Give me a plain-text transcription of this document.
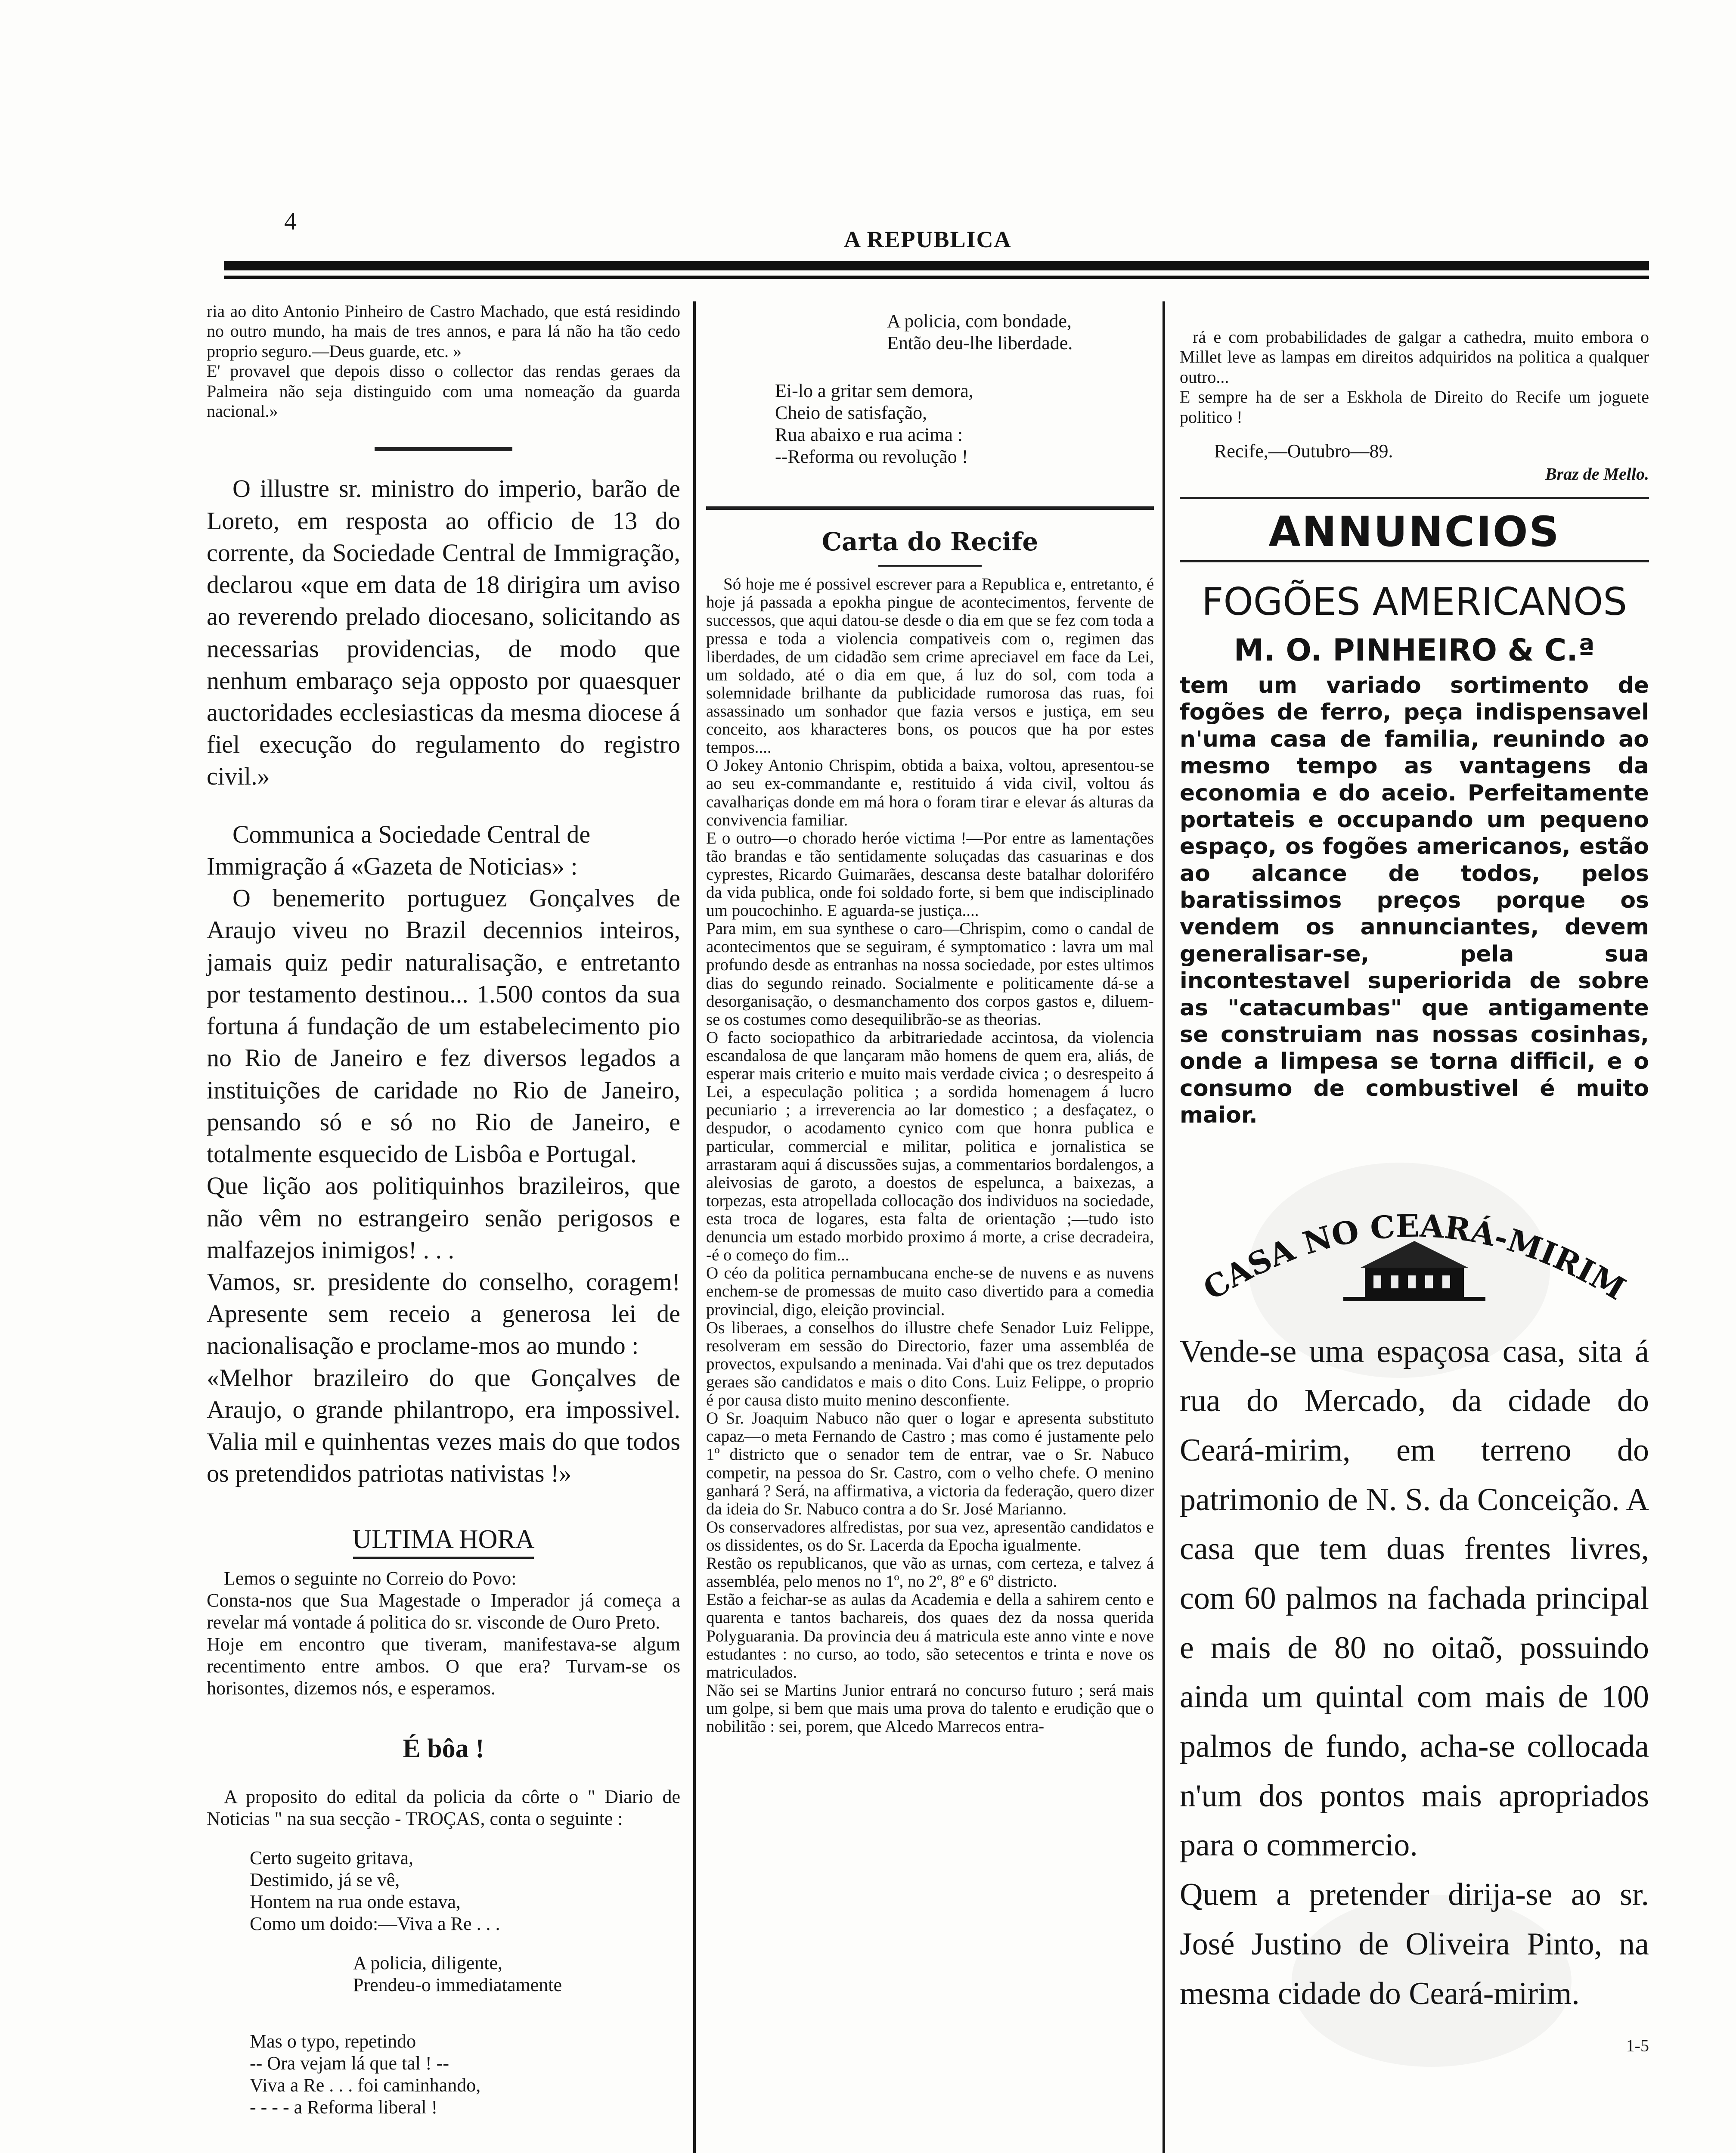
4
A REPUBLICA
ria ao dito Antonio Pinheiro de Castro Machado, que está residindo no outro mundo, ha mais de tres annos, e para lá não ha tão cedo proprio seguro.—Deus guarde, etc. »
E' provavel que depois disso o collector das rendas geraes da Palmeira não seja distinguido com uma nomeação da guarda nacional.»
O illustre sr. ministro do imperio, barão de Loreto, em resposta ao officio de 13 do corrente, da Sociedade Central de Immigração, declarou «que em data de 18 dirigira um aviso ao reverendo prelado diocesano, solicitando as necessarias providencias, de modo que nenhum embaraço seja opposto por quaesquer auctoridades ecclesiasticas da mesma diocese á fiel execução do regulamento do registro civil.»
Communica a Sociedade Central de Immigração á «Gazeta de Noticias» :
O benemerito portuguez Gonçalves de Araujo viveu no Brazil decennios inteiros, jamais quiz pedir naturalisação, e entretanto por testamento destinou... 1.500 contos da sua fortuna á fundação de um estabelecimento pio no Rio de Janeiro e fez diversos legados a instituições de caridade no Rio de Janeiro, pensando só e só no Rio de Janeiro, e totalmente esquecido de Lisbôa e Portugal.
Que lição aos politiquinhos brazileiros, que não vêm no estrangeiro senão perigosos e malfazejos inimigos! . . .
Vamos, sr. presidente do conselho, coragem! Apresente sem receio a generosa lei de nacionalisação e proclame-mos ao mundo :
«Melhor brazileiro do que Gonçalves de Araujo, o grande philantropo, era impossivel. Valia mil e quinhentas vezes mais do que todos os pretendidos patriotas nativistas !»
ULTIMA HORA
Lemos o seguinte no Correio do Povo:
Consta-nos que Sua Magestade o Imperador já começa a revelar má vontade á politica do sr. visconde de Ouro Preto.
Hoje em encontro que tiveram, manifestava-se algum recentimento entre ambos. O que era? Turvam-se os horisontes, dizemos nós, e esperamos.
É bôa !
A proposito do edital da policia da côrte o " Diario de Noticias " na sua secção - TROÇAS, conta o seguinte :
Certo sugeito gritava,
Destimido, já se vê,
Hontem na rua onde estava,
Como um doido:—Viva a Re . . .
A policia, diligente,
Prendeu-o immediatamente
Mas o typo, repetindo
-- Ora vejam lá que tal ! --
Viva a Re . . . foi caminhando,
- - - - a Reforma liberal !
A policia, com bondade,
Então deu-lhe liberdade.
Ei-lo a gritar sem demora,
Cheio de satisfação,
Rua abaixo e rua acima :
--Reforma ou revolução !
Carta do Recife
Só hoje me é possivel escrever para a Republica e, entretanto, é hoje já passada a epokha pingue de acontecimentos, fervente de successos, que aqui datou-se desde o dia em que se fez com toda a pressa e toda a violencia compativeis com o, regimen das liberdades, de um cidadão sem crime apreciavel em face da Lei, um soldado, até o dia em que, á luz do sol, com toda a solemnidade brilhante da publicidade rumorosa das ruas, foi assassinado um sonhador que fazia versos e justiça, em seu conceito, aos kharacteres bons, os poucos que ha por estes tempos....
O Jokey Antonio Chrispim, obtida a baixa, voltou, apresentou-se ao seu ex-commandante e, restituido á vida civil, voltou ás cavalhariças donde em má hora o foram tirar e elevar ás alturas da convivencia familiar.
E o outro—o chorado heróe victima !—Por entre as lamentações tão brandas e tão sentidamente soluçadas das casuarinas e dos cyprestes, Ricardo Guimarães, descansa deste batalhar doloriféro da vida publica, onde foi soldado forte, si bem que indisciplinado um poucochinho. E aguarda-se justiça....
Para mim, em sua synthese o caro—Chrispim, como o candal de acontecimentos que se seguiram, é symptomatico : lavra um mal profundo desde as entranhas na nossa sociedade, por estes ultimos dias do segundo reinado. Socialmente e politicamente dá-se a desorganisação, o desmanchamento dos corpos gastos e, diluem-se os costumes como desequilibrão-se as theorias.
O facto sociopathico da arbitrariedade accintosa, da violencia escandalosa de que lançaram mão homens de quem era, aliás, de esperar mais criterio e muito mais verdade civica ; o desrespeito á Lei, a especulação politica ; a sordida homenagem á lucro pecuniario ; a irreverencia ao lar domestico ; a desfaçatez, o despudor, o acodamento cynico com que honra publica e particular, commercial e militar, politica e jornalistica se arrastaram aqui á discussões sujas, a commentarios bordalengos, a aleivosias de garoto, a doestos de espelunca, a baixezas, a torpezas, esta atropellada collocação dos individuos na sociedade, esta troca de logares, esta falta de orientação ;—tudo isto denuncia um estado morbido proximo á morte, a crise decradeira, -é o começo do fim...
O céo da politica pernambucana enche-se de nuvens e as nuvens enchem-se de promessas de muito caso divertido para a comedia provincial, digo, eleição provincial.
Os liberaes, a conselhos do illustre chefe Senador Luiz Felippe, resolveram em sessão do Directorio, fazer uma assembléa de provectos, expulsando a meninada. Vai d'ahi que os trez deputados geraes são candidatos e mais o dito Cons. Luiz Felippe, o proprio é por causa disto muito menino desconfiente.
O Sr. Joaquim Nabuco não quer o logar e apresenta substituto capaz—o meta Fernando de Castro ; mas como é justamente pelo 1º districto que o senador tem de entrar, vae o Sr. Nabuco competir, na pessoa do Sr. Castro, com o velho chefe. O menino ganhará ? Será, na affirmativa, a victoria da federação, quero dizer da ideia do Sr. Nabuco contra a do Sr. José Marianno.
Os conservadores alfredistas, por sua vez, apresentão candidatos e os dissidentes, os do Sr. Lacerda da Epocha igualmente.
Restão os republicanos, que vão as urnas, com certeza, e talvez á assembléa, pelo menos no 1º, no 2º, 8º e 6º districto.
Estão a feichar-se as aulas da Academia e della a sahirem cento e quarenta e tantos bachareis, dos quaes dez da nossa querida Polyguarania. Da provincia deu á matricula este anno vinte e nove estudantes : no curso, ao todo, são setecentos e trinta e nove os matriculados.
Não sei se Martins Junior entrará no concurso futuro ; será mais um golpe, si bem que mais uma prova do talento e erudição que o nobilitão : sei, porem, que Alcedo Marrecos entra-
rá e com probabilidades de galgar a cathedra, muito embora o Millet leve as lampas em direitos adquiridos na politica a qualquer outro...
E sempre ha de ser a Eskhola de Direito do Recife um joguete politico !
Recife,—Outubro—89.
Braz de Mello.
ANNUNCIOS
FOGÕES AMERICANOS
M. O. PINHEIRO & C.ª
tem um variado sortimento de fogões de ferro, peça indispensavel n'uma casa de familia, reunindo ao mesmo tempo as vantagens da economia e do aceio. Perfeitamente portateis e occupando um pequeno espaço, os fogões americanos, estão ao alcance de todos, pelos baratissimos preços porque os vendem os annunciantes, devem generalisar-se, pela sua incontestavel superiorida de sobre as "catacumbas" que antigamente se construiam nas nossas cosinhas, onde a limpesa se torna difficil, e o consumo de combustivel é muito maior.
CASA NO CEARÁ-MIRIM
Vende-se uma espaçosa casa, sita á rua do Mercado, da cidade do Ceará-mirim, em terreno do patrimonio de N. S. da Conceição. A casa que tem duas frentes livres, com 60 palmos na fachada principal e mais de 80 no oitaõ, possuindo ainda um quintal com mais de 100 palmos de fundo, acha-se collocada n'um dos pontos mais apropriados para o commercio.
Quem a pretender dirija-se ao sr. José Justino de Oliveira Pinto, na mesma cidade do Ceará-mirim.
1-5
